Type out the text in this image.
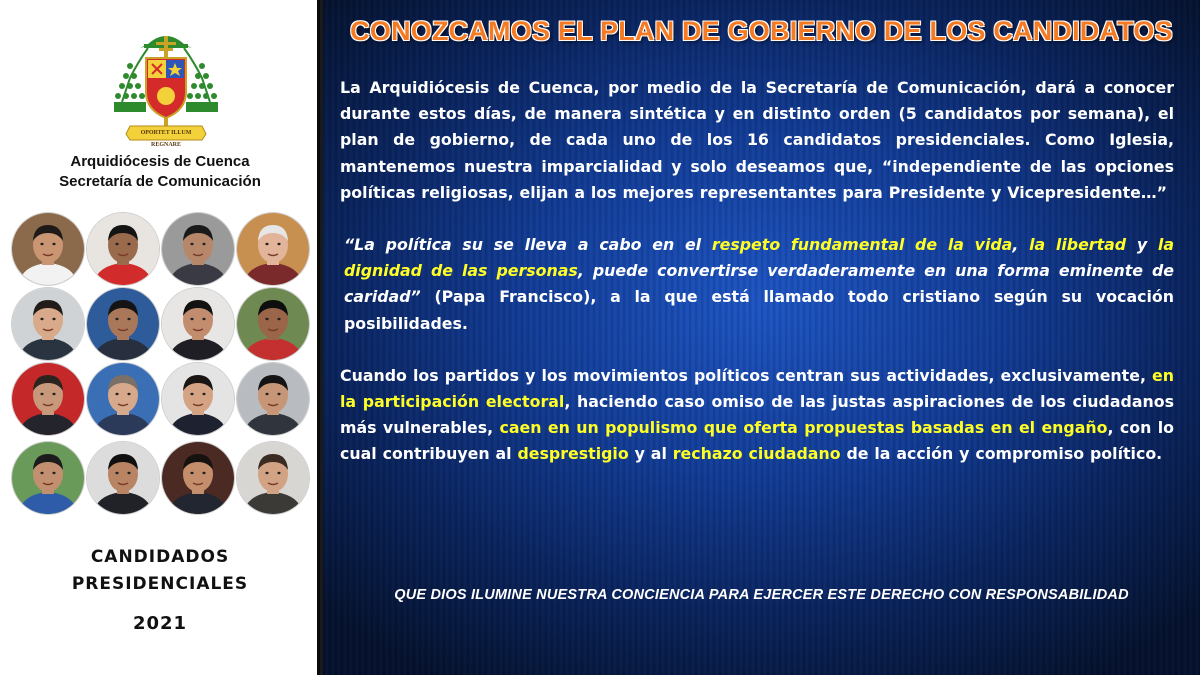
OPORTET ILLUM REGNARE
Arquidiócesis de Cuenca
Secretaría de Comunicación
CANDIDADOS
PRESIDENCIALES
2021
CONOZCAMOS EL PLAN DE GOBIERNO DE LOS CANDIDATOS

La Arquidiócesis de Cuenca, por medio de la Secretaría de Comunicación, dará a conocer durante estos días, de manera sintética y en distinto orden (5 candidatos por semana), el plan de gobierno, de cada uno de los 16 candidatos presidenciales. Como Iglesia, mantenemos nuestra imparcialidad y solo deseamos que, “independiente de las opciones políticas religiosas, elijan a los mejores representantes para Presidente y Vicepresidente…”

“La política su se lleva a cabo en el respeto fundamental de la vida, la libertad y la dignidad de las personas, puede convertirse verdaderamente en una forma eminente de caridad” (Papa Francisco), a la que está llamado todo cristiano según su vocación posibilidades.

Cuando los partidos y los movimientos políticos centran sus actividades, exclusivamente, en la participación electoral, haciendo caso omiso de las justas aspiraciones de los ciudadanos más vulnerables, caen en un populismo que oferta propuestas basadas en el engaño, con lo cual contribuyen al desprestigio y al rechazo ciudadano de la acción y compromiso político.

QUE DIOS ILUMINE NUESTRA CONCIENCIA PARA EJERCER ESTE DERECHO CON RESPONSABILIDAD
